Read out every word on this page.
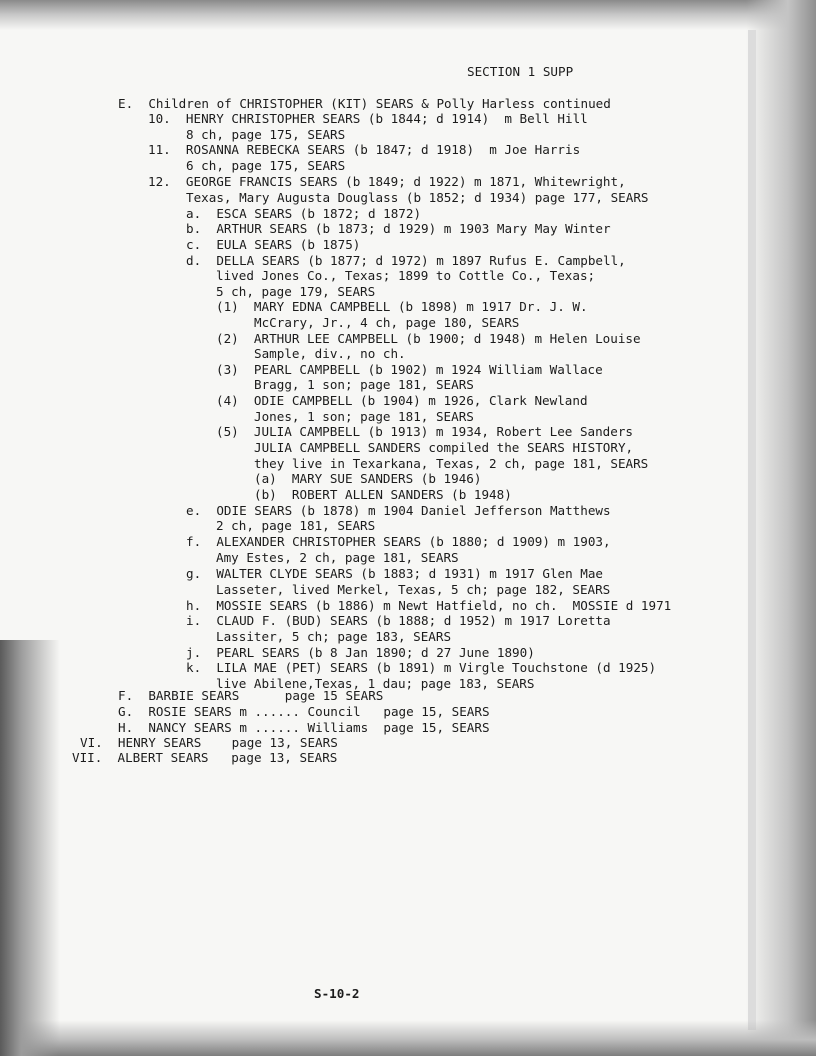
SECTION 1 SUPP
E.  Children of CHRISTOPHER (KIT) SEARS & Polly Harless continued
10.  HENRY CHRISTOPHER SEARS (b 1844; d 1914)  m Bell Hill
8 ch, page 175, SEARS
11.  ROSANNA REBECKA SEARS (b 1847; d 1918)  m Joe Harris
6 ch, page 175, SEARS
12.  GEORGE FRANCIS SEARS (b 1849; d 1922) m 1871, Whitewright,
Texas, Mary Augusta Douglass (b 1852; d 1934) page 177, SEARS
a.  ESCA SEARS (b 1872; d 1872)
b.  ARTHUR SEARS (b 1873; d 1929) m 1903 Mary May Winter
c.  EULA SEARS (b 1875)
d.  DELLA SEARS (b 1877; d 1972) m 1897 Rufus E. Campbell,
lived Jones Co., Texas; 1899 to Cottle Co., Texas;
5 ch, page 179, SEARS
(1)  MARY EDNA CAMPBELL (b 1898) m 1917 Dr. J. W.
McCrary, Jr., 4 ch, page 180, SEARS
(2)  ARTHUR LEE CAMPBELL (b 1900; d 1948) m Helen Louise
Sample, div., no ch.
(3)  PEARL CAMPBELL (b 1902) m 1924 William Wallace
Bragg, 1 son; page 181, SEARS
(4)  ODIE CAMPBELL (b 1904) m 1926, Clark Newland
Jones, 1 son; page 181, SEARS
(5)  JULIA CAMPBELL (b 1913) m 1934, Robert Lee Sanders
JULIA CAMPBELL SANDERS compiled the SEARS HISTORY,
they live in Texarkana, Texas, 2 ch, page 181, SEARS
(a)  MARY SUE SANDERS (b 1946)
(b)  ROBERT ALLEN SANDERS (b 1948)
e.  ODIE SEARS (b 1878) m 1904 Daniel Jefferson Matthews
2 ch, page 181, SEARS
f.  ALEXANDER CHRISTOPHER SEARS (b 1880; d 1909) m 1903,
Amy Estes, 2 ch, page 181, SEARS
g.  WALTER CLYDE SEARS (b 1883; d 1931) m 1917 Glen Mae
Lasseter, lived Merkel, Texas, 5 ch; page 182, SEARS
h.  MOSSIE SEARS (b 1886) m Newt Hatfield, no ch.  MOSSIE d 1971
i.  CLAUD F. (BUD) SEARS (b 1888; d 1952) m 1917 Loretta
Lassiter, 5 ch; page 183, SEARS
j.  PEARL SEARS (b 8 Jan 1890; d 27 June 1890)
k.  LILA MAE (PET) SEARS (b 1891) m Virgle Touchstone (d 1925)
live Abilene,Texas, 1 dau; page 183, SEARS
F.  BARBIE SEARS      page 15 SEARS
G.  ROSIE SEARS m ...... Council   page 15, SEARS
H.  NANCY SEARS m ...... Williams  page 15, SEARS
VI.  HENRY SEARS    page 13, SEARS
VII.  ALBERT SEARS   page 13, SEARS
S-10-2
